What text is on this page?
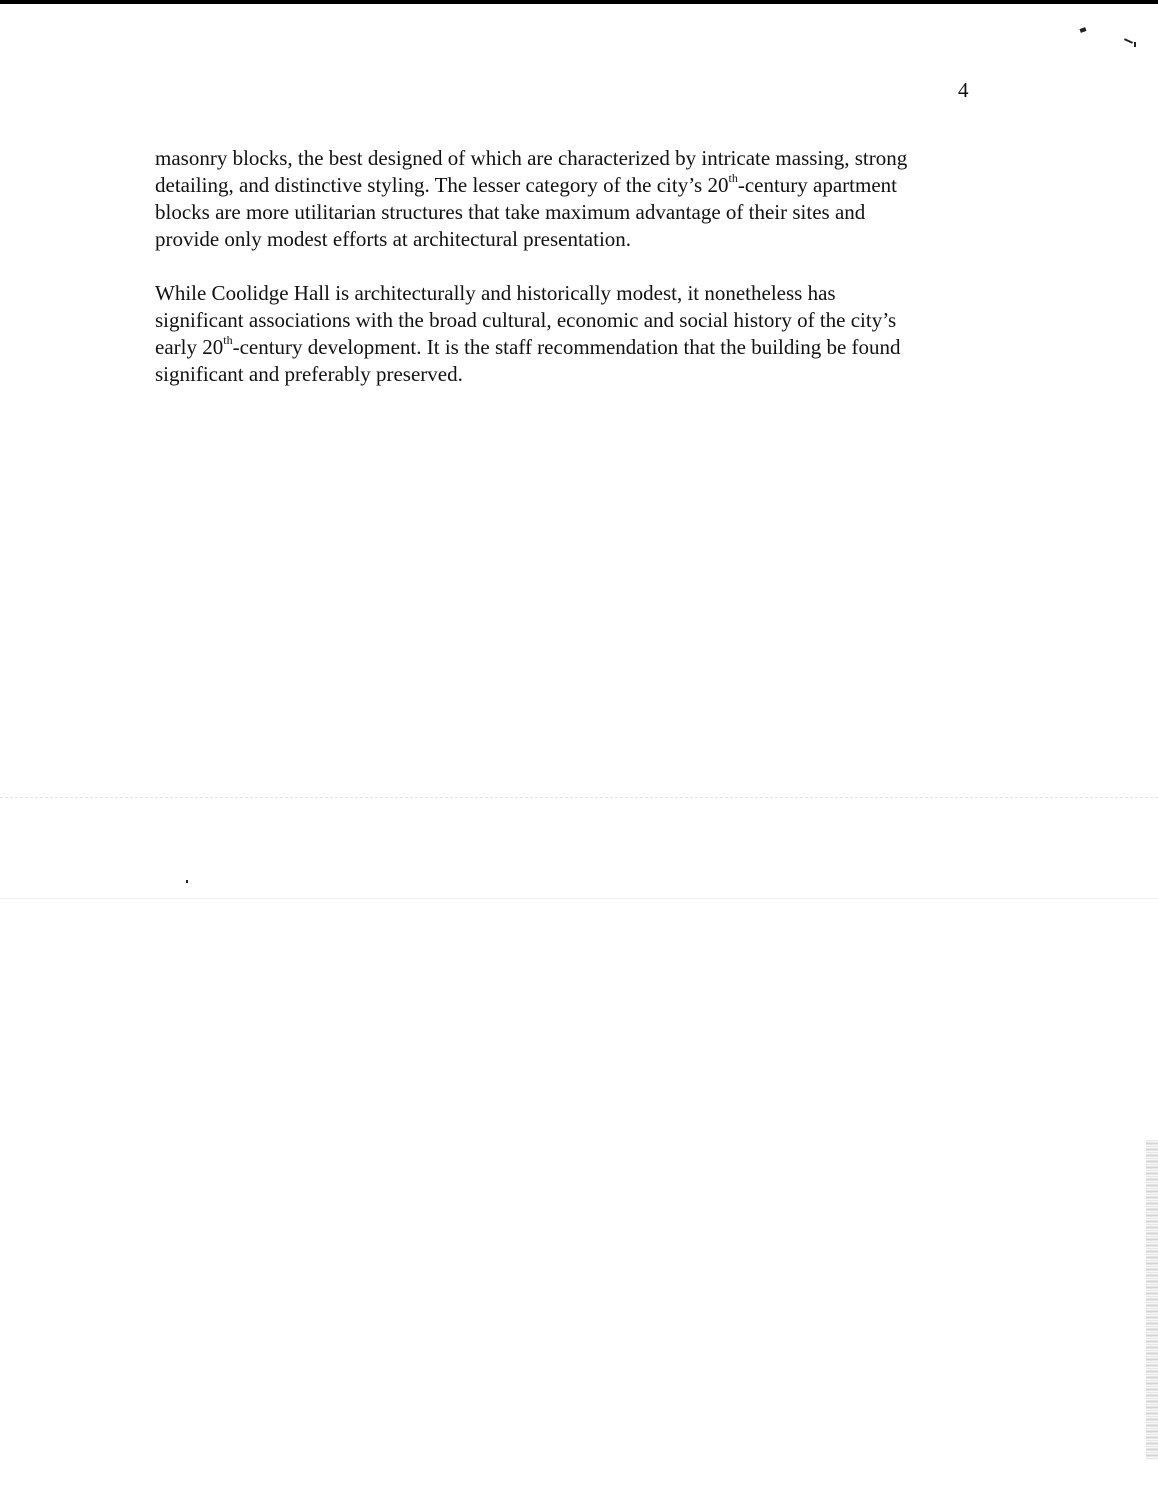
4

masonry blocks, the best designed of which are characterized by intricate massing, strong
detailing, and distinctive styling. The lesser category of the city’s 20th-century apartment
blocks are more utilitarian structures that take maximum advantage of their sites and
provide only modest efforts at architectural presentation.

While Coolidge Hall is architecturally and historically modest, it nonetheless has
significant associations with the broad cultural, economic and social history of the city’s
early 20th-century development. It is the staff recommendation that the building be found
significant and preferably preserved.
